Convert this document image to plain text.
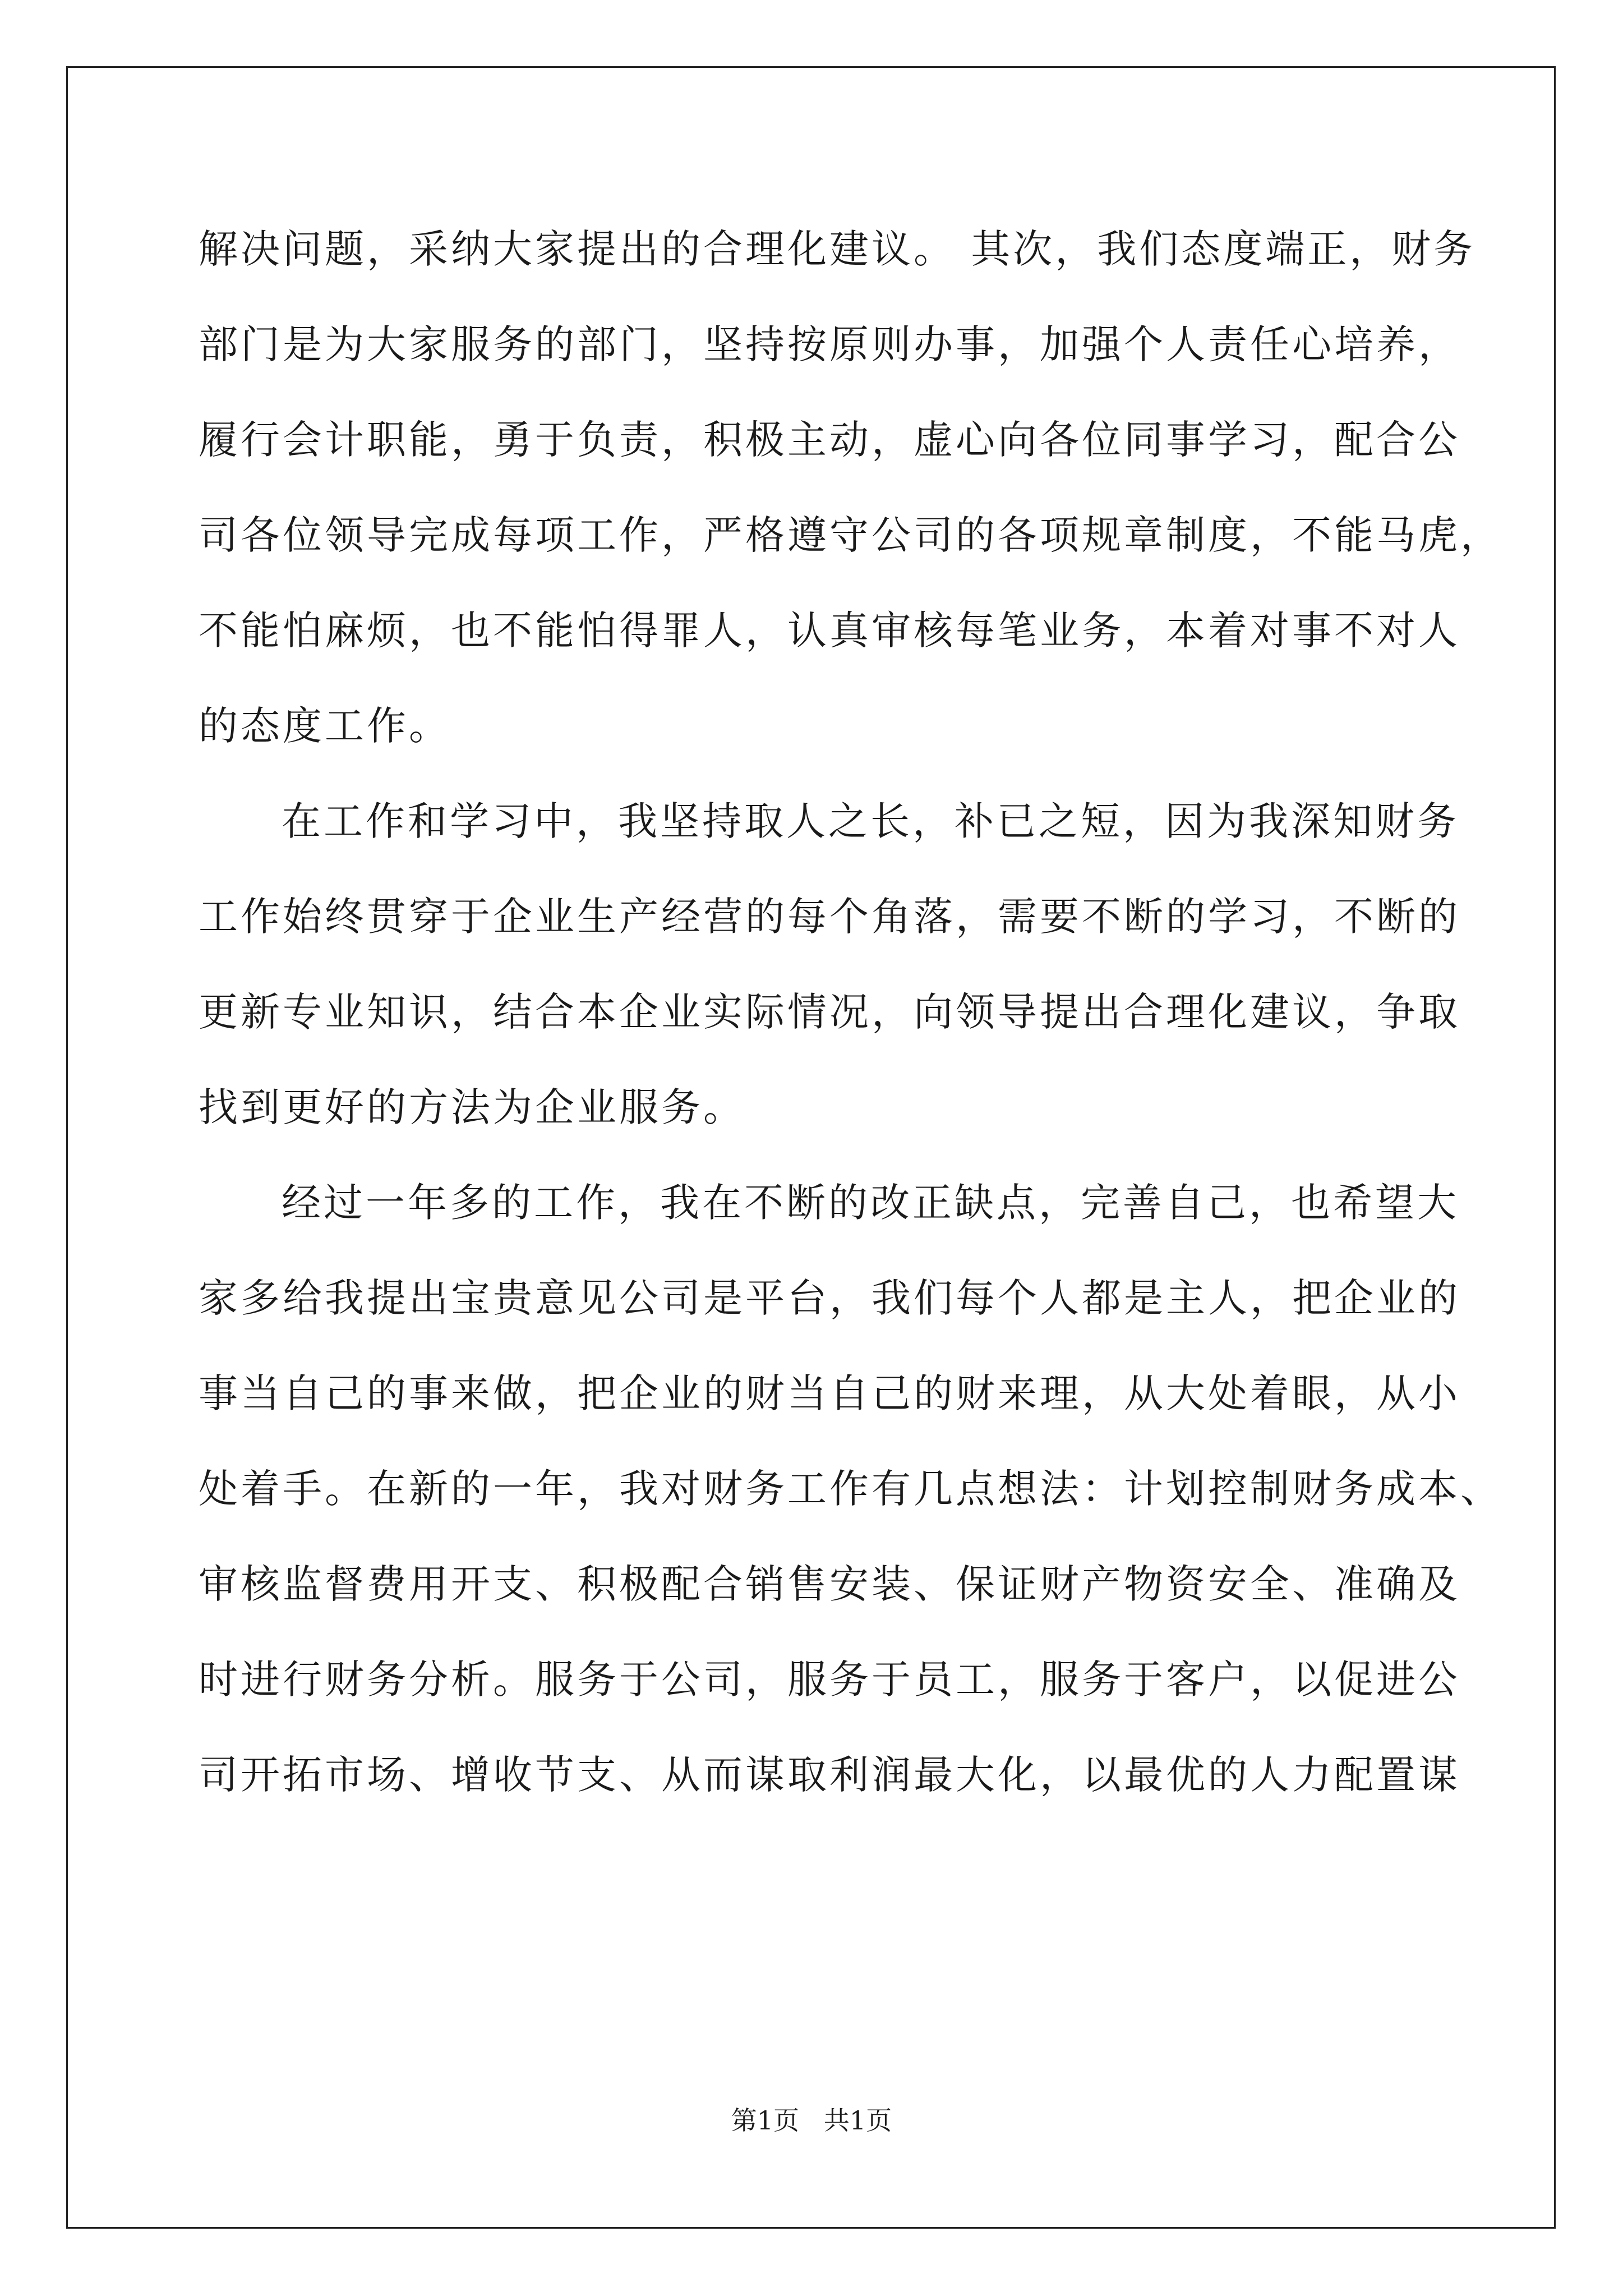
解决问题，采纳大家提出的合理化建议。 其次，我们态度端正，财务
部门是为大家服务的部门，坚持按原则办事，加强个人责任心培养，
履行会计职能，勇于负责，积极主动，虚心向各位同事学习，配合公
司各位领导完成每项工作，严格遵守公司的各项规章制度，不能马虎，
不能怕麻烦，也不能怕得罪人，认真审核每笔业务，本着对事不对人
的态度工作。
在工作和学习中，我坚持取人之长，补已之短，因为我深知财务
工作始终贯穿于企业生产经营的每个角落，需要不断的学习，不断的
更新专业知识，结合本企业实际情况，向领导提出合理化建议，争取
找到更好的方法为企业服务。
经过一年多的工作，我在不断的改正缺点，完善自己，也希望大
家多给我提出宝贵意见公司是平台，我们每个人都是主人，把企业的
事当自己的事来做，把企业的财当自己的财来理，从大处着眼，从小
处着手。在新的一年，我对财务工作有几点想法：计划控制财务成本、
审核监督费用开支、积极配合销售安装、保证财产物资安全、准确及
时进行财务分析。服务于公司，服务于员工，服务于客户，以促进公
司开拓市场、增收节支、从而谋取利润最大化，以最优的人力配置谋
第1页   共1页
